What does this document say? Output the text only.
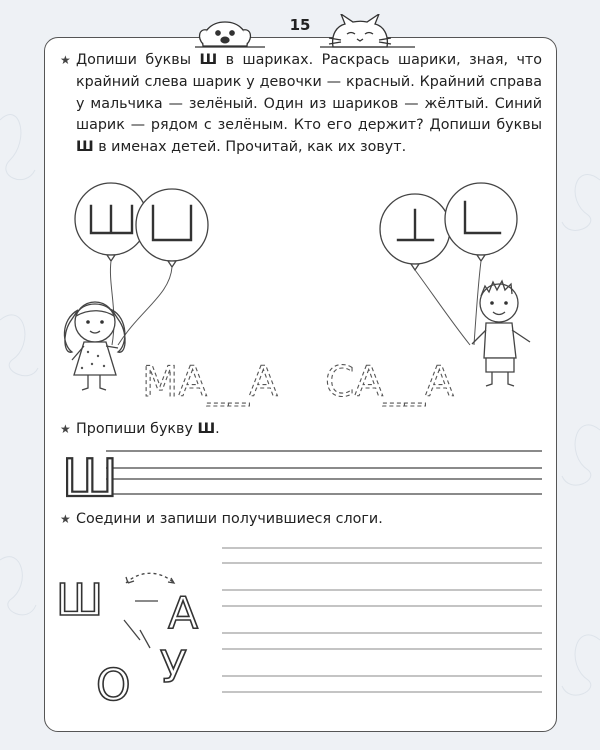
15
★ Допиши буквы Ш в шариках. Раскрась шарики, зная, что крайний слева шарик у девочки — красный. Крайний справа у мальчика — зелёный. Один из шариков — жёлтый. Синий шарик — рядом с зелёным. Кто его держит? Допиши буквы Ш в именах детей. Прочитай, как их зовут.
МА__А СА__А
Ш
Ш А
У
О
★ Пропиши букву Ш.
★ Соедини и запиши получившиеся слоги.
